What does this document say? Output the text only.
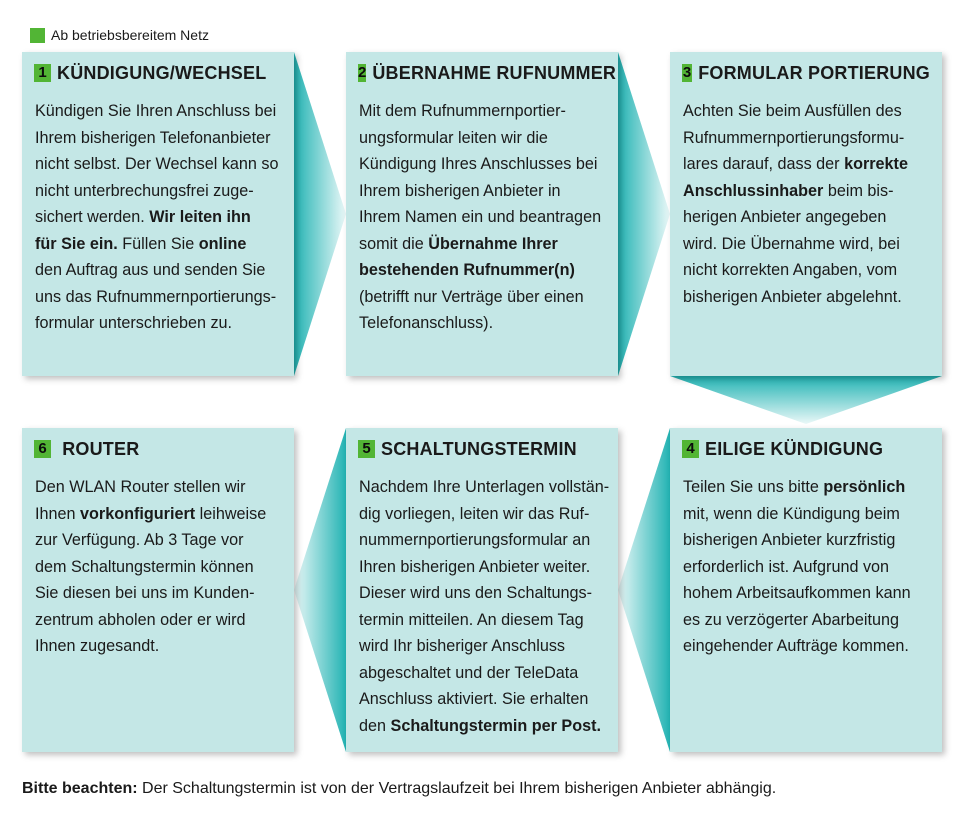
Ab betriebsbereitem Netz
1 KÜNDIGUNG/WECHSEL
Kündigen Sie Ihren Anschluss bei
Ihrem bisherigen Telefonanbieter
nicht selbst. Der Wechsel kann so
nicht unterbrechungsfrei zuge-
sichert werden. Wir leiten ihn
für Sie ein. Füllen Sie online
den Auftrag aus und senden Sie
uns das Rufnummernportierungs-
formular unterschrieben zu.
2 ÜBERNAHME RUFNUMMER
Mit dem Rufnummernportier-
ungsformular leiten wir die
Kündigung Ihres Anschlusses bei
Ihrem bisherigen Anbieter in
Ihrem Namen ein und beantragen
somit die Übernahme Ihrer
bestehenden Rufnummer(n)
(betrifft nur Verträge über einen
Telefonanschluss).
3 FORMULAR PORTIERUNG
Achten Sie beim Ausfüllen des
Rufnummernportierungsformu-
lares darauf, dass der korrekte
Anschlussinhaber beim bis-
herigen Anbieter angegeben
wird. Die Übernahme wird, bei
nicht korrekten Angaben, vom
bisherigen Anbieter abgelehnt.
4 EILIGE KÜNDIGUNG
Teilen Sie uns bitte persönlich
mit, wenn die Kündigung beim
bisherigen Anbieter kurzfristig
erforderlich ist. Aufgrund von
hohem Arbeitsaufkommen kann
es zu verzögerter Abarbeitung
eingehender Aufträge kommen.
5 SCHALTUNGSTERMIN
Nachdem Ihre Unterlagen vollstän-
dig vorliegen, leiten wir das Ruf-
nummernportierungsformular an
Ihren bisherigen Anbieter weiter.
Dieser wird uns den Schaltungs-
termin mitteilen. An diesem Tag
wird Ihr bisheriger Anschluss
abgeschaltet und der TeleData
Anschluss aktiviert. Sie erhalten
den Schaltungstermin per Post.
6 ROUTER
Den WLAN Router stellen wir
Ihnen vorkonfiguriert leihweise
zur Verfügung. Ab 3 Tage vor
dem Schaltungstermin können
Sie diesen bei uns im Kunden-
zentrum abholen oder er wird
Ihnen zugesandt.
Bitte beachten: Der Schaltungstermin ist von der Vertragslaufzeit bei Ihrem bisherigen Anbieter abhängig.
